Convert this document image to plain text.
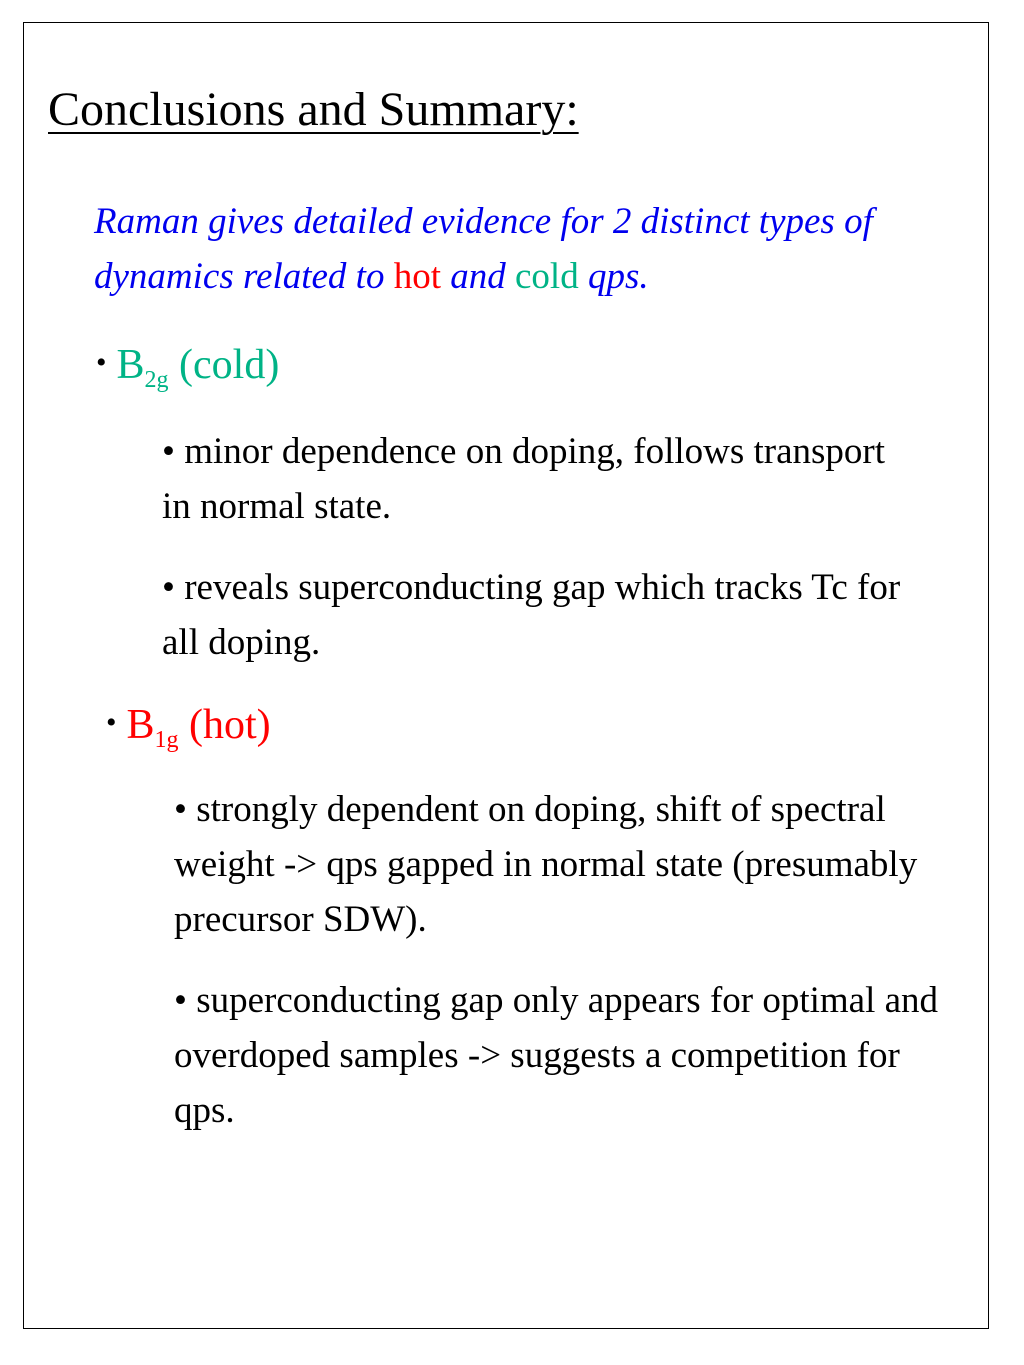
Conclusions and Summary:
Raman gives detailed evidence for 2 distinct types of dynamics related to hot and cold qps.
• $B_{2g}$ (cold)
• minor dependence on doping, follows transport in normal state.
• reveals superconducting gap which tracks Tc for all doping.
• $B_{1g}$ (hot)
• strongly dependent on doping, shift of spectral weight -> qps gapped in normal state (presumably precursor SDW).
• superconducting gap only appears for optimal and overdoped samples -> suggests a competition for qps.
